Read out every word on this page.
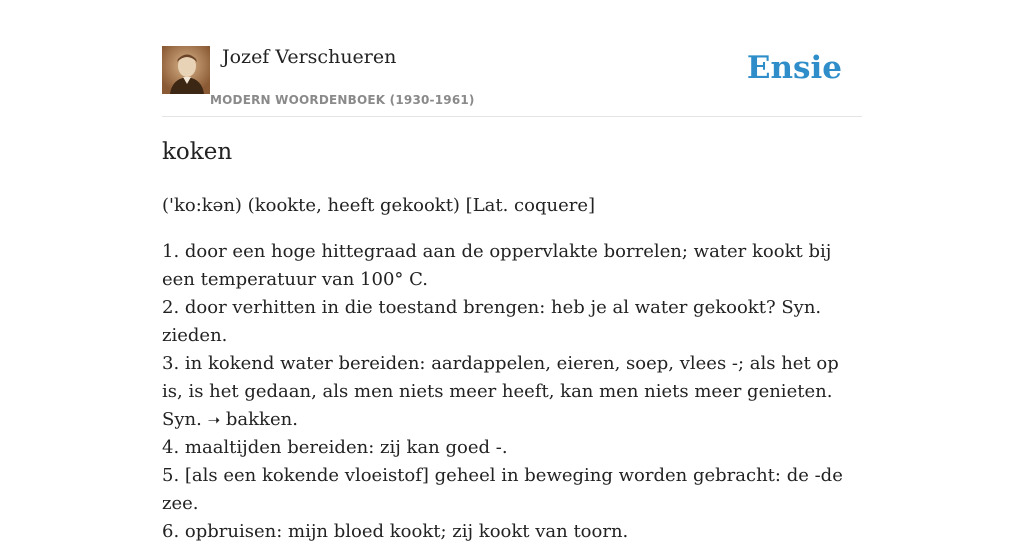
Jozef Verschueren
MODERN WOORDENBOEK (1930-1961)
Ensie
koken

('ko:kən) (kookte, heeft gekookt) [Lat. coquere]

1. door een hoge hittegraad aan de oppervlakte borrelen; water kookt bij een temperatuur van 100° C.

2. door verhitten in die toestand brengen: heb je al water gekookt? Syn. zieden.

3. in kokend water bereiden: aardappelen, eieren, soep, vlees -; als het op is, is het gedaan, als men niets meer heeft, kan men niets meer genieten. Syn. ➝ bakken.

4. maaltijden bereiden: zij kan goed -.

5. [als een kokende vloeistof] geheel in beweging worden gebracht: de -de zee.

6. opbruisen: mijn bloed kookt; zij kookt van toorn.
